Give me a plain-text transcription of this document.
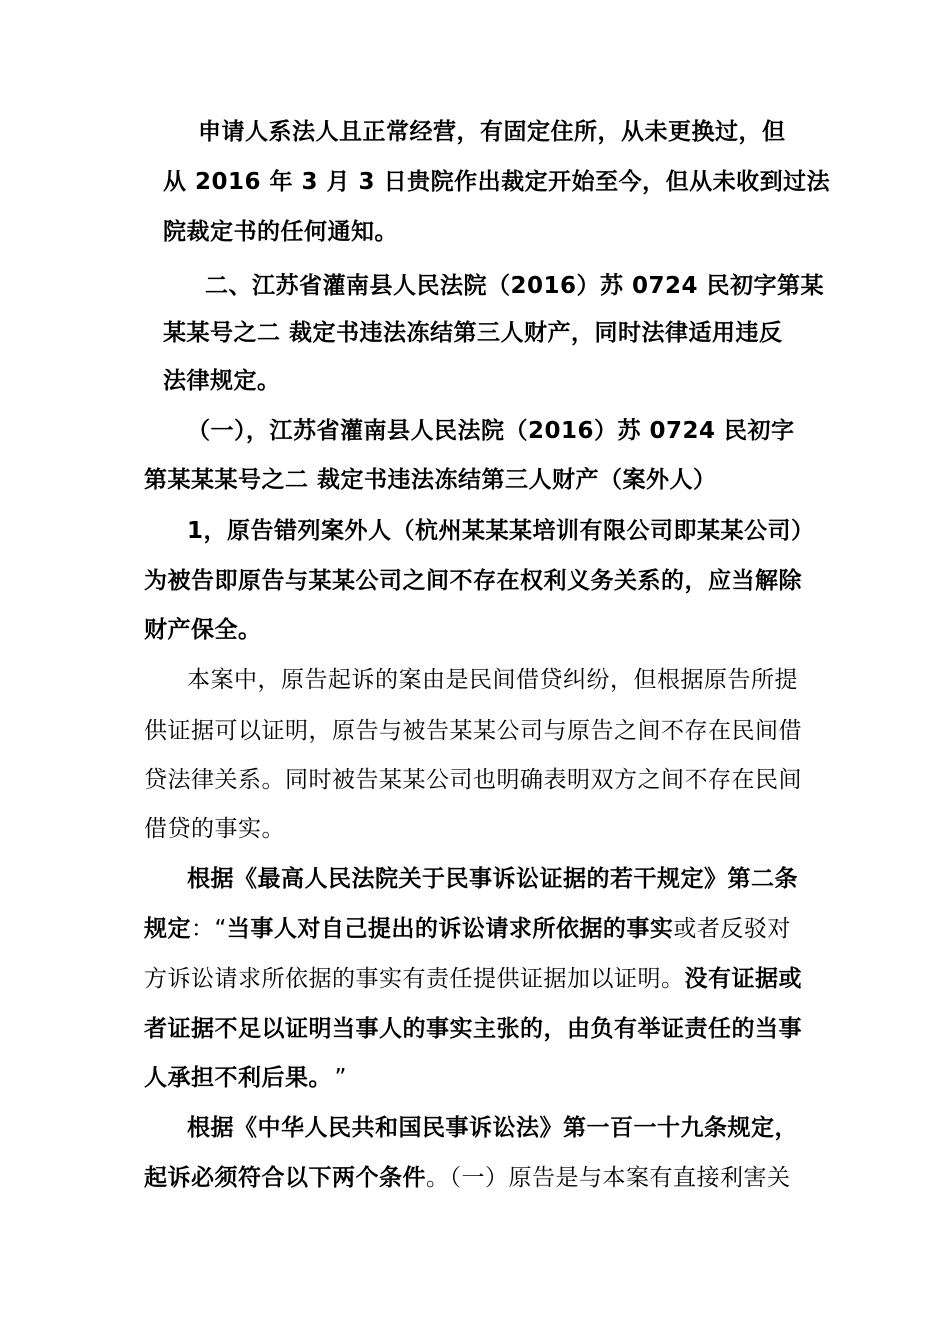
申请人系法人且正常经营，有固定住所，从未更换过，但
从 2016 年 3 月 3 日贵院作出裁定开始至今，但从未收到过法
院裁定书的任何通知。
二、江苏省灌南县人民法院（2016）苏 0724 民初字第某
某某号之二 裁定书违法冻结第三人财产，同时法律适用违反
法律规定。
（一），江苏省灌南县人民法院（2016）苏 0724 民初字
第某某某号之二 裁定书违法冻结第三人财产（案外人）
1，原告错列案外人（杭州某某某培训有限公司即某某公司）
为被告即原告与某某公司之间不存在权利义务关系的，应当解除
财产保全。
本案中，原告起诉的案由是民间借贷纠纷，但根据原告所提
供证据可以证明，原告与被告某某公司与原告之间不存在民间借
贷法律关系。同时被告某某公司也明确表明双方之间不存在民间
借贷的事实。
根据《最高人民法院关于民事诉讼证据的若干规定》第二条
规定：“当事人对自己提出的诉讼请求所依据的事实或者反驳对
方诉讼请求所依据的事实有责任提供证据加以证明。没有证据或
者证据不足以证明当事人的事实主张的，由负有举证责任的当事
人承担不利后果。 ”
根据《中华人民共和国民事诉讼法》第一百一十九条规定，
起诉必须符合以下两个条件。（一）原告是与本案有直接利害关
